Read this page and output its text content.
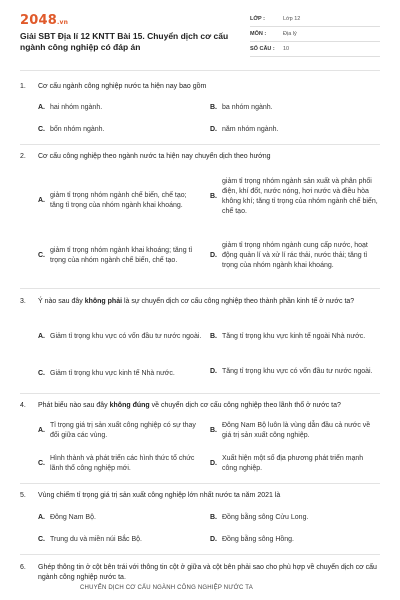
2048.vn
Giải SBT Địa lí 12 KNTT Bài 15. Chuyển dịch cơ cấu ngành công nghiệp có đáp án
LỚP :	Lớp 12
MÔN :	Địa lý
SỐ CÂU :	10
1. Cơ cấu ngành công nghiệp nước ta hiện nay bao gồm
A. hai nhóm ngành.	B. ba nhóm ngành.
C. bốn nhóm ngành.	D. năm nhóm ngành.
2. Cơ cấu công nghiệp theo ngành nước ta hiện nay chuyển dịch theo hướng
A.
giảm tỉ trọng nhóm ngành chế biến, chế tạo; tăng tỉ trọng của nhóm ngành khai khoáng.
B.
giảm tỉ trọng nhóm ngành sản xuất và phân phối điện, khí đốt, nước nóng, hơi nước và điều hòa không khí; tăng tỉ trọng của nhóm ngành chế biến, chế tạo.
C.
giảm tỉ trọng nhóm ngành khai khoáng; tăng tỉ trọng của nhóm ngành chế biến, chế tạo.
D.
giảm tỉ trọng nhóm ngành cung cấp nước, hoạt động quản lí và xử lí rác thải, nước thải; tăng tỉ trọng của nhóm ngành khai khoáng.
3. Ý nào sau đây không phải là sự chuyển dịch cơ cấu công nghiệp theo thành phần kinh tế ở nước ta?
A. Giảm tỉ trọng khu vực có vốn đầu tư nước ngoài. B. Tăng tỉ trọng khu vực kinh tế ngoài Nhà nước.
C. Giảm tỉ trọng khu vực kinh tế Nhà nước.	D. Tăng tỉ trọng khu vực có vốn đầu tư nước ngoài.
4. Phát biểu nào sau đây không đúng về chuyển dịch cơ cấu công nghiệp theo lãnh thổ ở nước ta?
A.
Tỉ trọng giá trị sản xuất công nghiệp có sự thay đổi giữa các vùng.
B.
Đông Nam Bộ luôn là vùng dẫn đầu cả nước về giá trị sản xuất công nghiệp.
C.
Hình thành và phát triển các hình thức tổ chức lãnh thổ công nghiệp mới.
D.
Xuất hiện một số địa phương phát triển mạnh công nghiệp.
5. Vùng chiếm tỉ trọng giá trị sản xuất công nghiệp lớn nhất nước ta năm 2021 là
A. Đông Nam Bộ.	B. Đồng bằng sông Cửu Long.
C. Trung du và miền núi Bắc Bộ.	D. Đồng bằng sông Hồng.
6. Ghép thông tin ở cột bên trái với thông tin cột ở giữa và cột bên phải sao cho phù hợp về chuyển dịch cơ cấu ngành công nghiệp nước ta.
CHUYỂN DỊCH CƠ CẤU NGÀNH CÔNG NGHIỆP NƯỚC TA
